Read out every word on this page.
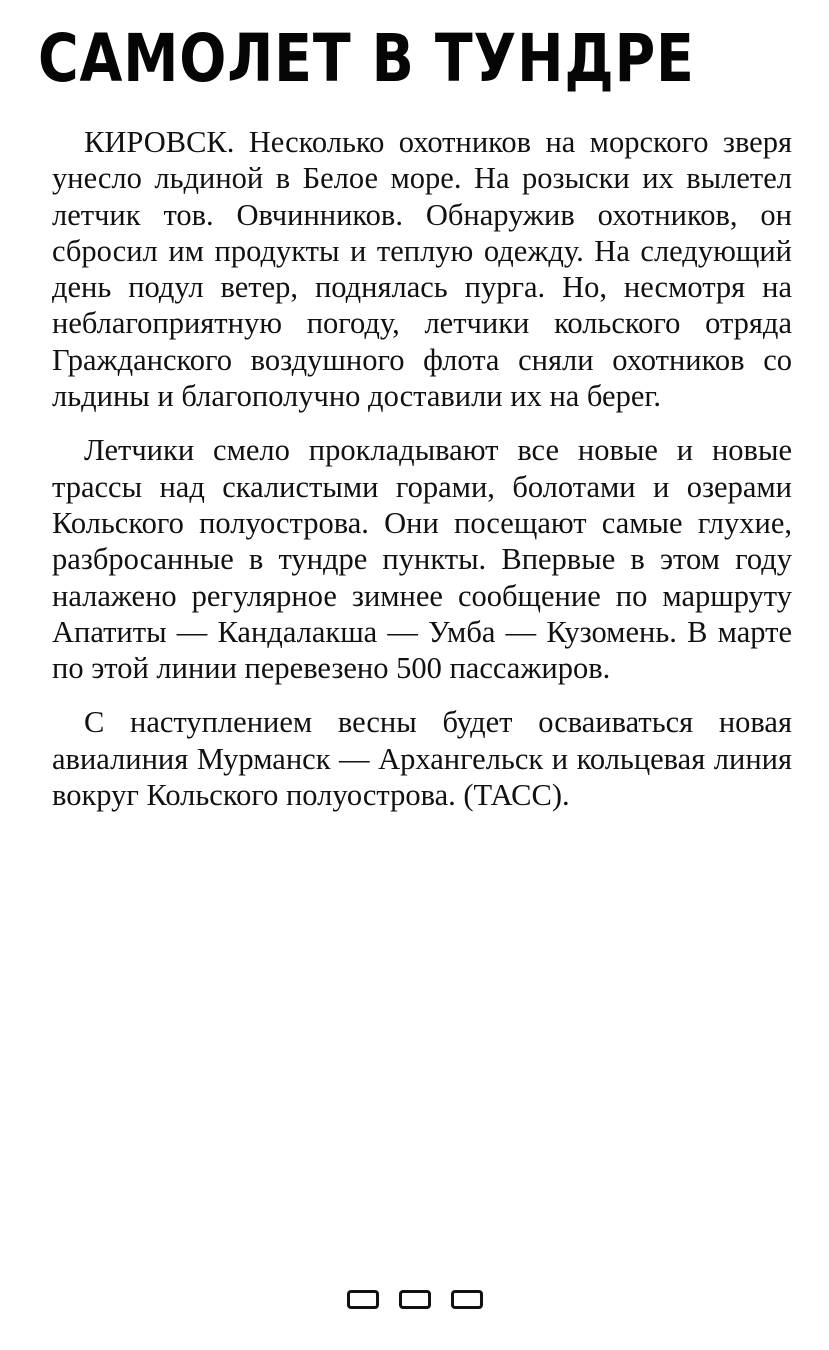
САМОЛЕТ В ТУНДРЕ

КИРОВСК. Несколько охотников на морского зверя унесло льдиной в Белое море. На розыски их вылетел летчик тов. Овчинников. Обнаружив охотников, он сбросил им продукты и теплую одежду. На следующий день подул ветер, поднялась пурга. Но, несмотря на неблагоприятную погоду, летчики кольского отряда Гражданского воздушного флота сняли охотников со льдины и благополучно доставили их на берег.

Летчики смело прокладывают все новые и новые трассы над скалистыми горами, болотами и озерами Кольского полуострова. Они посещают самые глухие, разбросанные в тундре пункты. Впервые в этом году налажено регулярное зимнее сообщение по маршруту Апатиты — Кандалакша — Умба — Кузомень. В марте по этой линии перевезено 500 пассажиров.

С наступлением весны будет осваиваться новая авиалиния Мурманск — Архангельск и кольцевая линия вокруг Кольского полуострова. (ТАСС).
